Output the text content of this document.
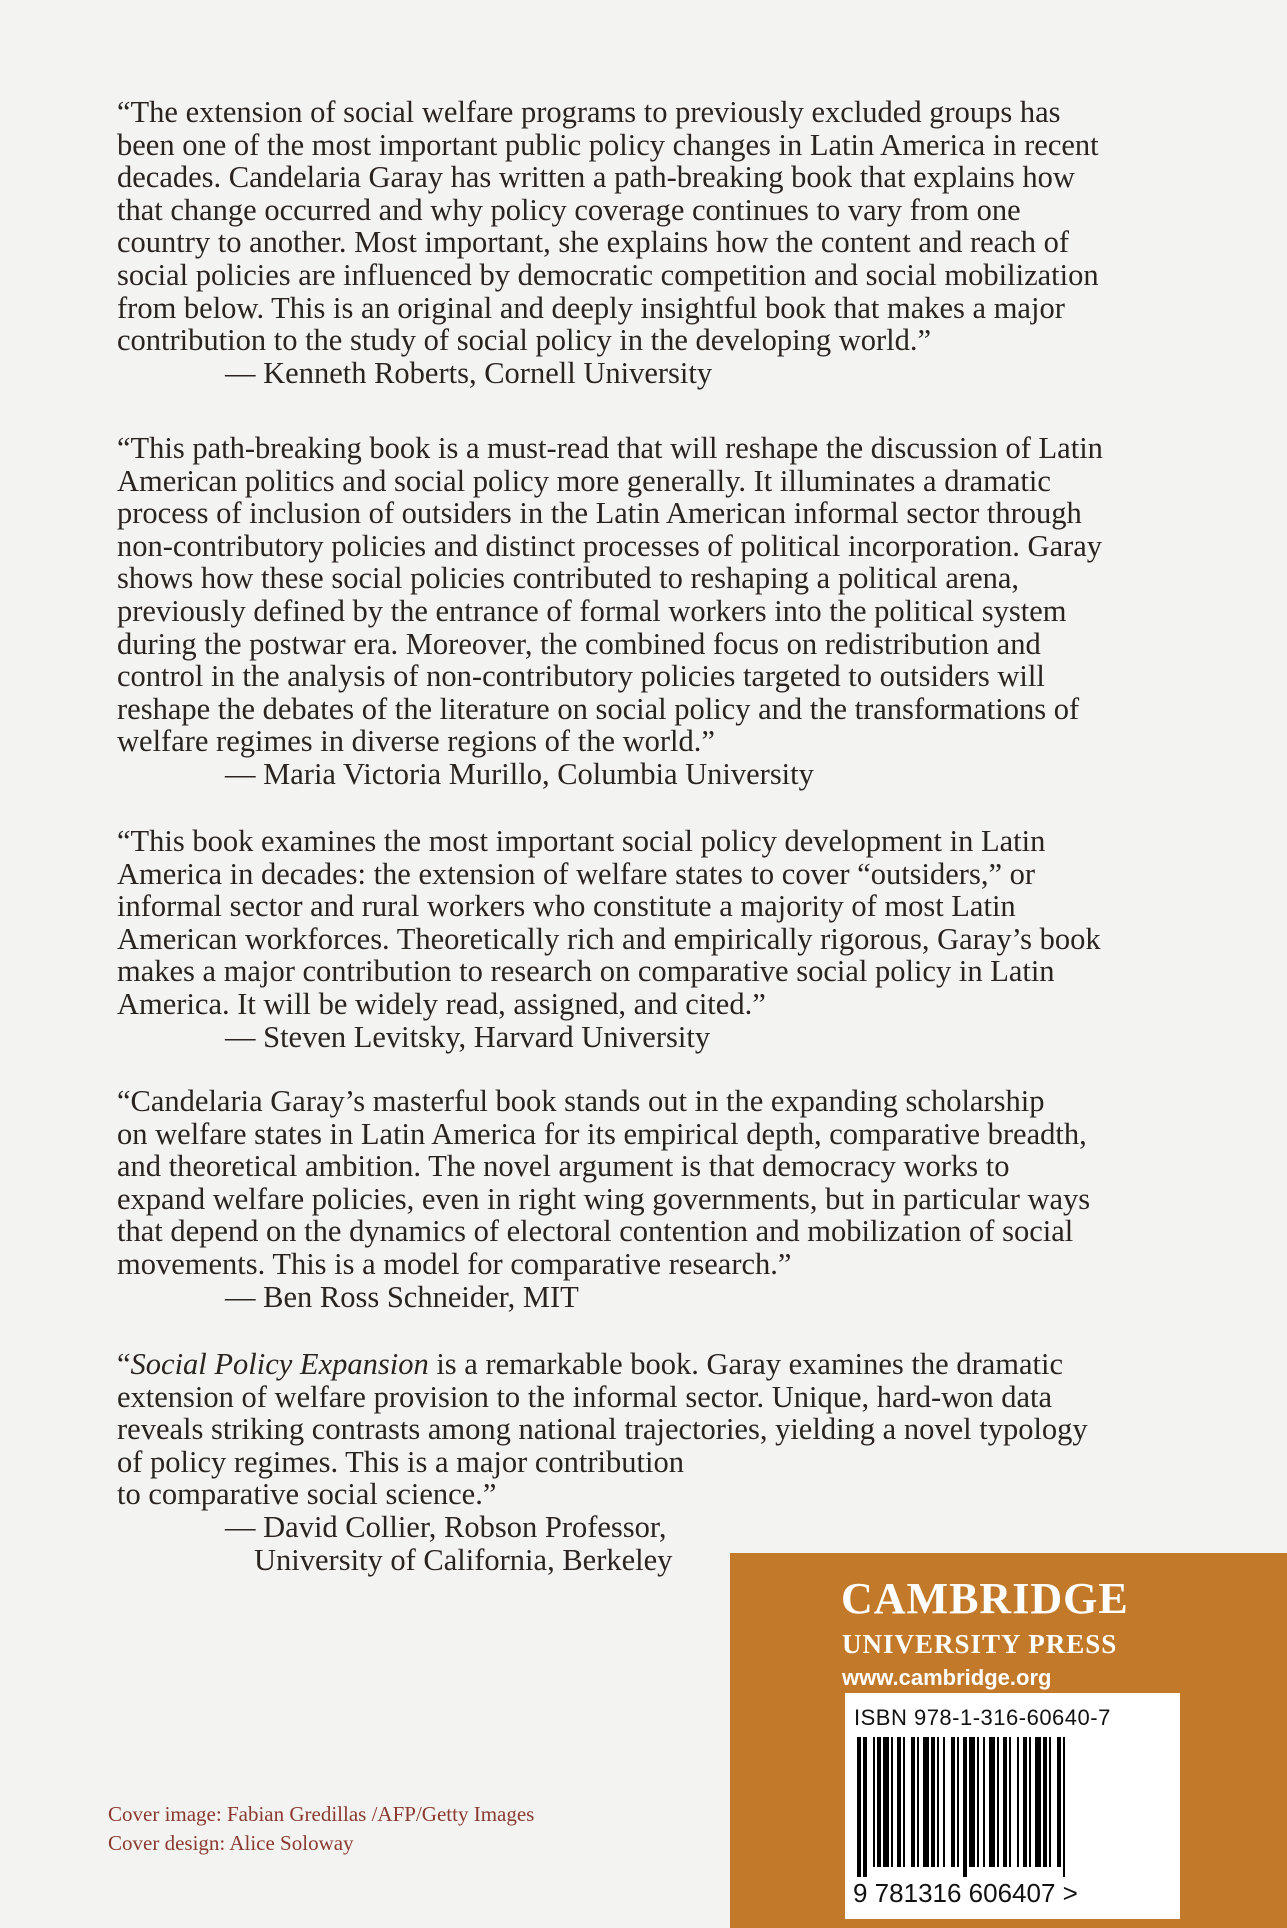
“The extension of social welfare programs to previously excluded groups has
been one of the most important public policy changes in Latin America in recent
decades. Candelaria Garay has written a path-breaking book that explains how
that change occurred and why policy coverage continues to vary from one
country to another. Most important, she explains how the content and reach of
social policies are influenced by democratic competition and social mobilization
from below. This is an original and deeply insightful book that makes a major
contribution to the study of social policy in the developing world.”
— Kenneth Roberts, Cornell University
“This path-breaking book is a must-read that will reshape the discussion of Latin
American politics and social policy more generally. It illuminates a dramatic
process of inclusion of outsiders in the Latin American informal sector through
non-contributory policies and distinct processes of political incorporation. Garay
shows how these social policies contributed to reshaping a political arena,
previously defined by the entrance of formal workers into the political system
during the postwar era. Moreover, the combined focus on redistribution and
control in the analysis of non-contributory policies targeted to outsiders will
reshape the debates of the literature on social policy and the transformations of
welfare regimes in diverse regions of the world.”
— Maria Victoria Murillo, Columbia University
“This book examines the most important social policy development in Latin
America in decades: the extension of welfare states to cover “outsiders,” or
informal sector and rural workers who constitute a majority of most Latin
American workforces. Theoretically rich and empirically rigorous, Garay’s book
makes a major contribution to research on comparative social policy in Latin
America. It will be widely read, assigned, and cited.”
— Steven Levitsky, Harvard University
“Candelaria Garay’s masterful book stands out in the expanding scholarship
on welfare states in Latin America for its empirical depth, comparative breadth,
and theoretical ambition. The novel argument is that democracy works to
expand welfare policies, even in right wing governments, but in particular ways
that depend on the dynamics of electoral contention and mobilization of social
movements. This is a model for comparative research.”
— Ben Ross Schneider, MIT
“Social Policy Expansion is a remarkable book. Garay examines the dramatic
extension of welfare provision to the informal sector. Unique, hard-won data
reveals striking contrasts among national trajectories, yielding a novel typology
of policy regimes. This is a major contribution
to comparative social science.”
— David Collier, Robson Professor,
University of California, Berkeley
Cover image: Fabian Gredillas /AFP/Getty Images
Cover design: Alice Soloway
CAMBRIDGE
UNIVERSITY PRESS
www.cambridge.org
ISBN 978-1-316-60640-7
9 781316 606407 >
